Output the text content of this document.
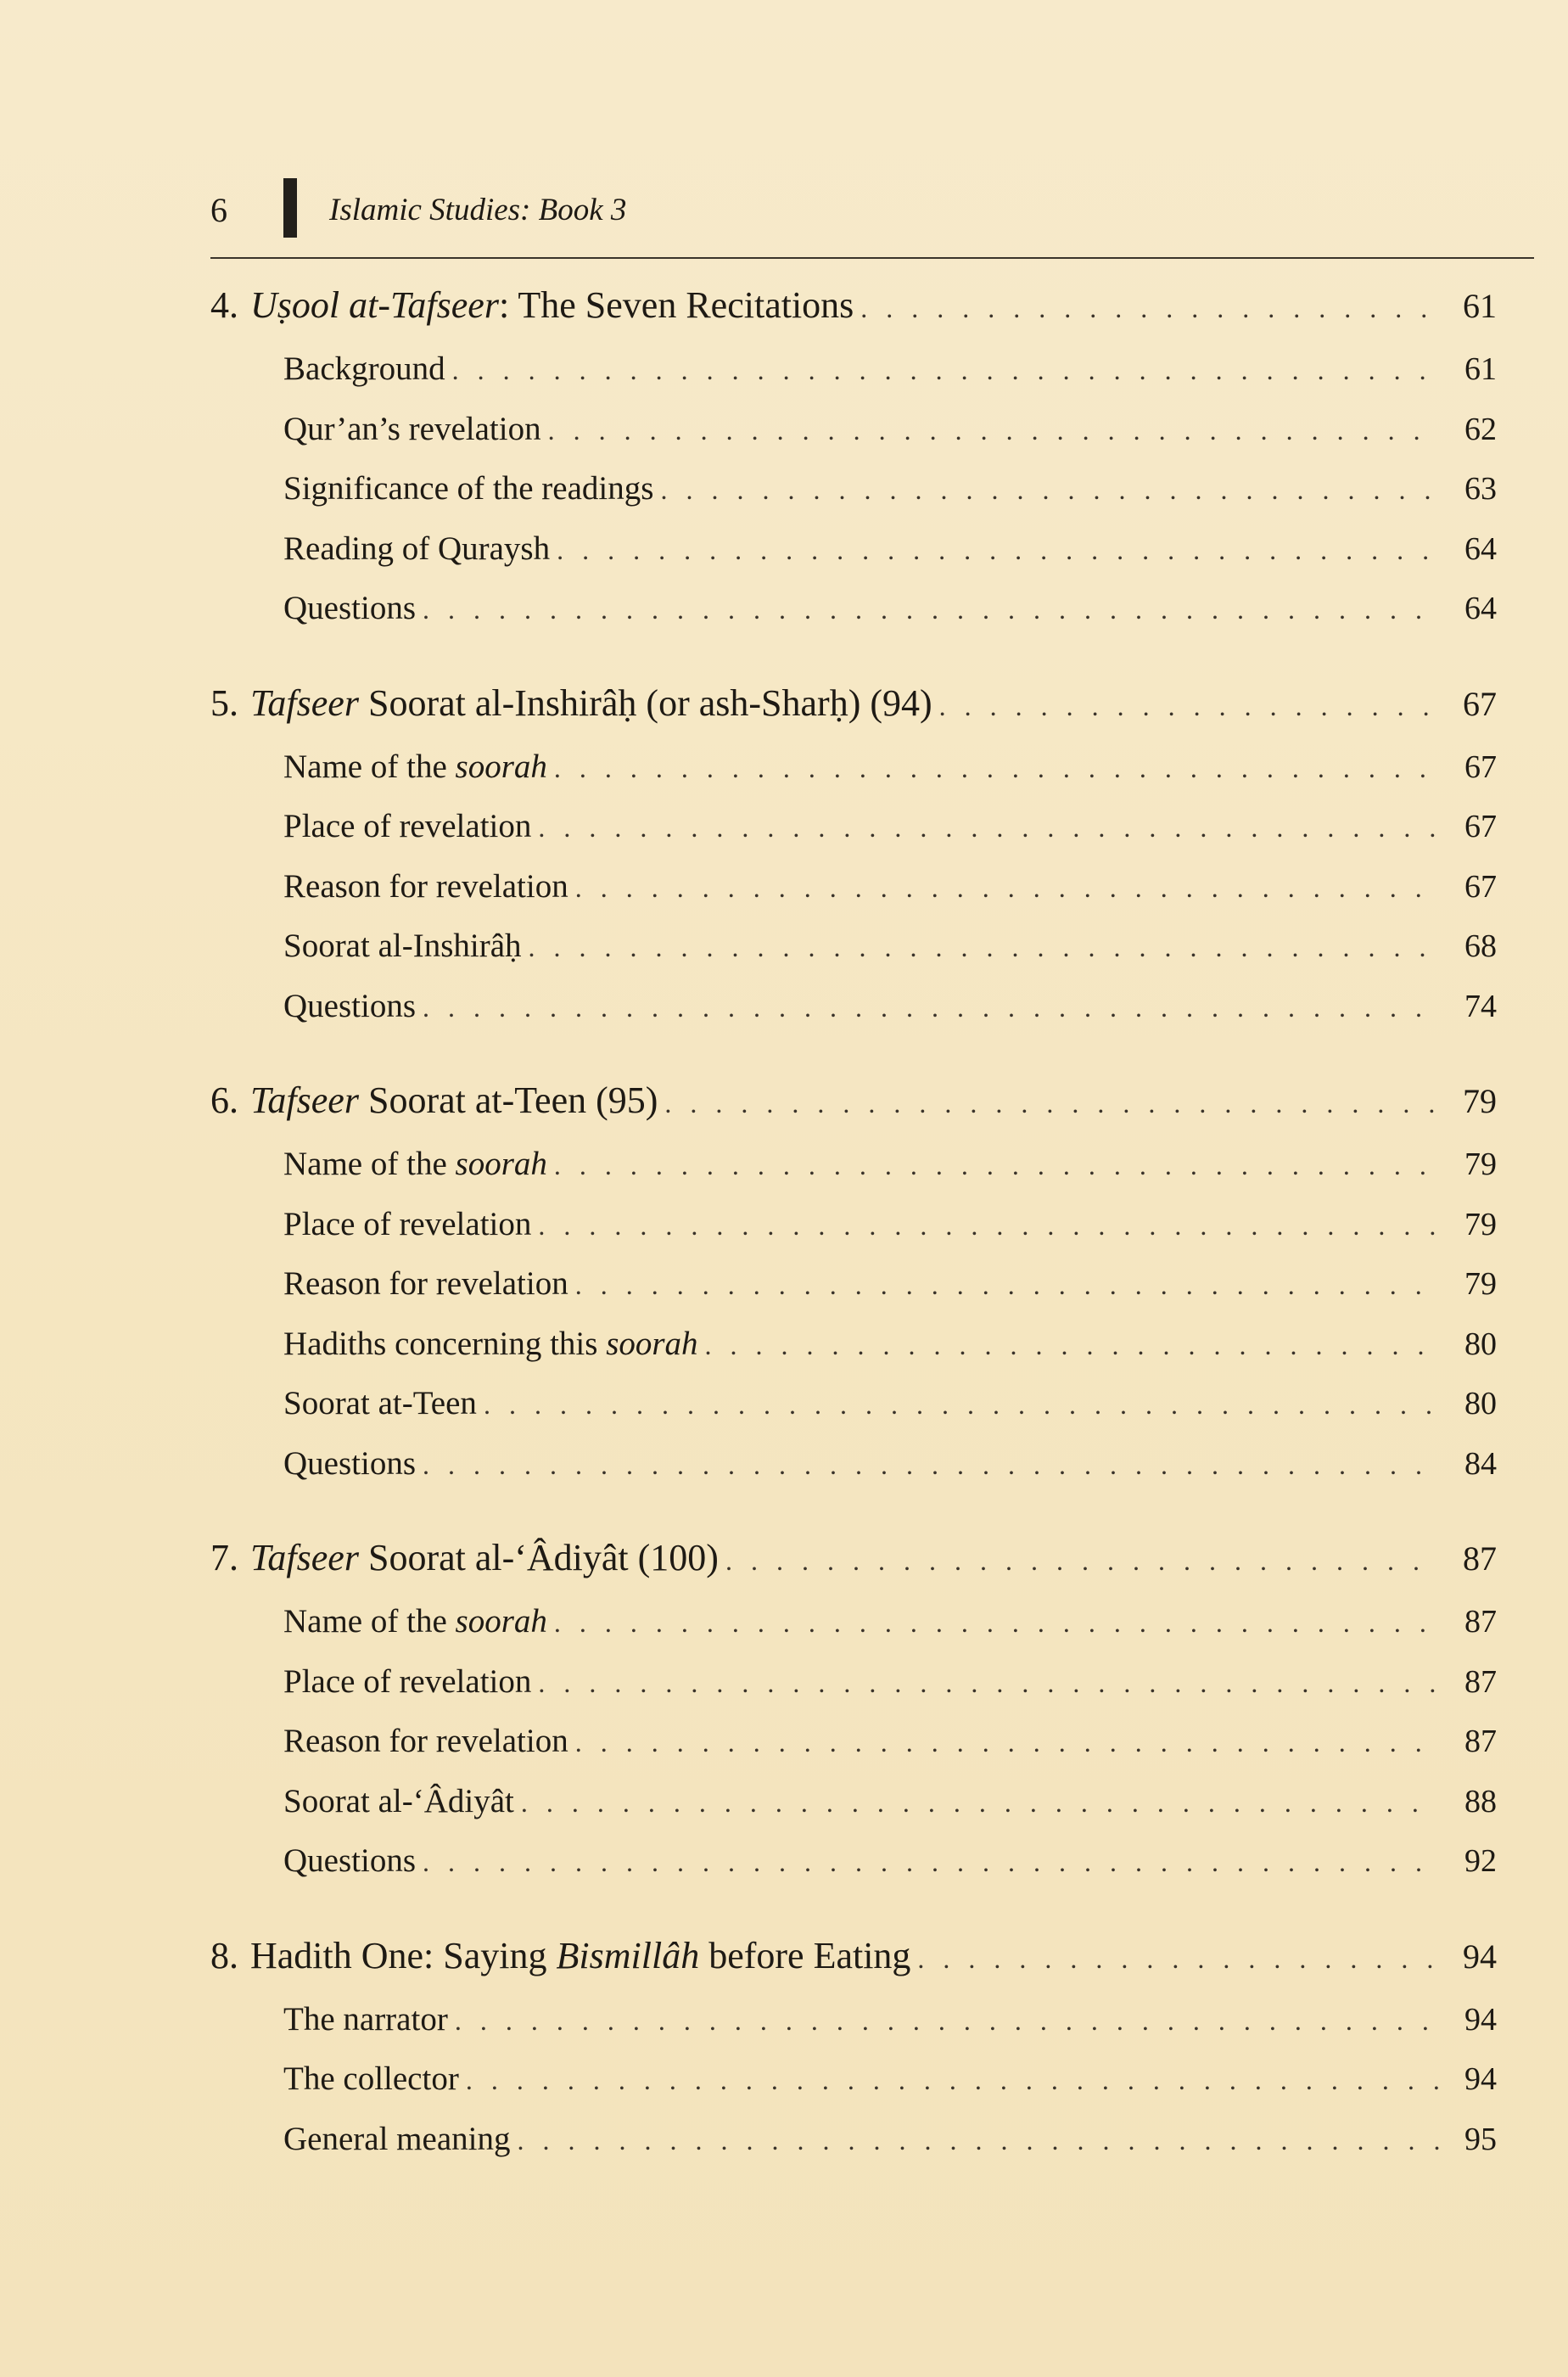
6	Islamic Studies: Book 3
4. Uṣool at-Tafseer: The Seven Recitations . . .	61
Background . . .	61
Qur’an’s revelation . . .	62
Significance of the readings . . .	63
Reading of Quraysh . . .	64
Questions . . .	64
5. Tafseer Soorat al-Inshirâḥ (or ash-Sharḥ) (94) . . .	67
Name of the soorah . . .	67
Place of revelation . . .	67
Reason for revelation . . .	67
Soorat al-Inshirâḥ . . .	68
Questions . . .	74
6. Tafseer Soorat at-Teen (95) . . .	79
Name of the soorah . . .	79
Place of revelation . . .	79
Reason for revelation . . .	79
Hadiths concerning this soorah . . .	80
Soorat at-Teen . . .	80
Questions . . .	84
7. Tafseer Soorat al-‘Âdiyât (100) . . .	87
Name of the soorah . . .	87
Place of revelation . . .	87
Reason for revelation . . .	87
Soorat al-‘Âdiyât . . .	88
Questions . . .	92
8. Hadith One: Saying Bismillâh before Eating . . .	94
The narrator . . .	94
The collector . . .	94
General meaning . . .	95
